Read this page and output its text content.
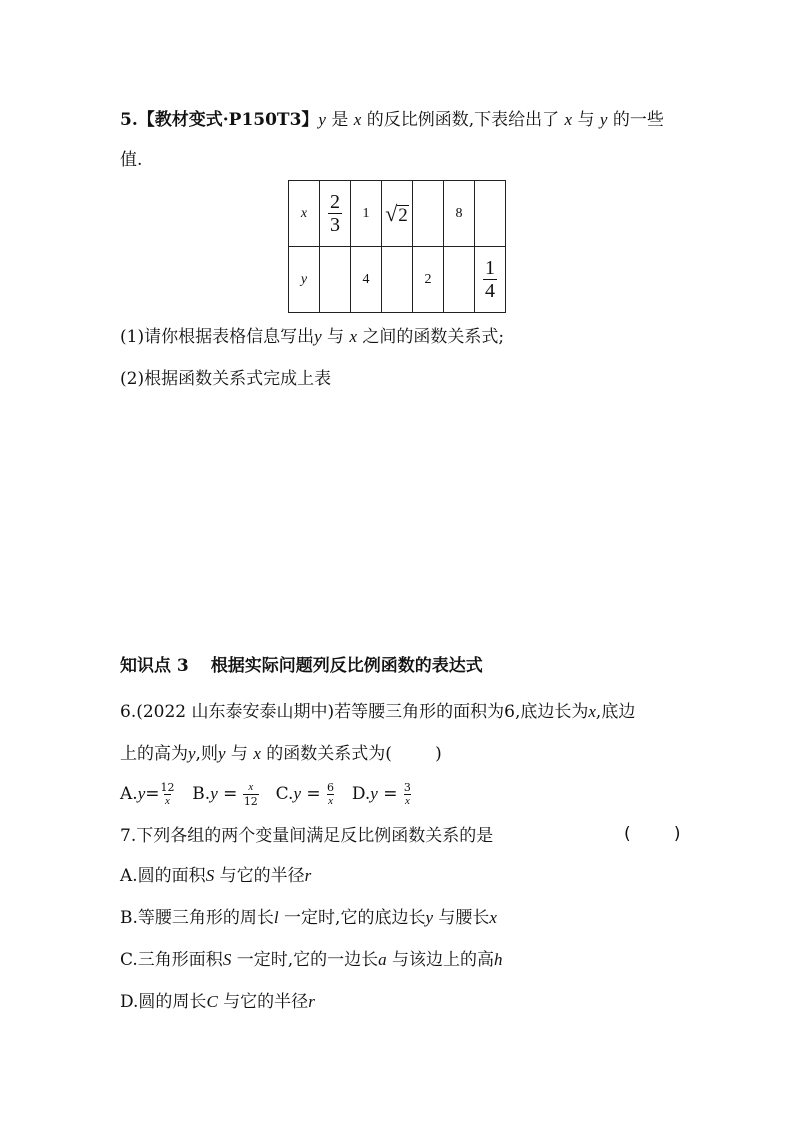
5.【教材变式·P150T3】y 是 x 的反比例函数,下表给出了 x 与 y 的一些
值.
x	$\frac{2}{3}$	1	√ 2		8	
y		4		2		$\frac{1}{4}$
(1)请你根据表格信息写出y 与 x 之间的函数关系式;
(2)根据函数关系式完成上表
知识点 3 根据实际问题列反比例函数的表达式
6.(2022 山东泰安泰山期中)若等腰三角形的面积为6,底边长为x,底边
上的高为y,则y 与 x 的函数关系式为(        )
$A.y= \frac{12}{x} B.y = \frac{x}{12} C.y = \frac{6}{x} D.y = \frac{3}{x}$
7.下列各组的两个变量间满足反比例函数关系的是	(        )
A.圆的面积S 与它的半径r
B.等腰三角形的周长l 一定时,它的底边长y 与腰长x
C.三角形面积S 一定时,它的一边长a 与该边上的高h
D.圆的周长C 与它的半径r
